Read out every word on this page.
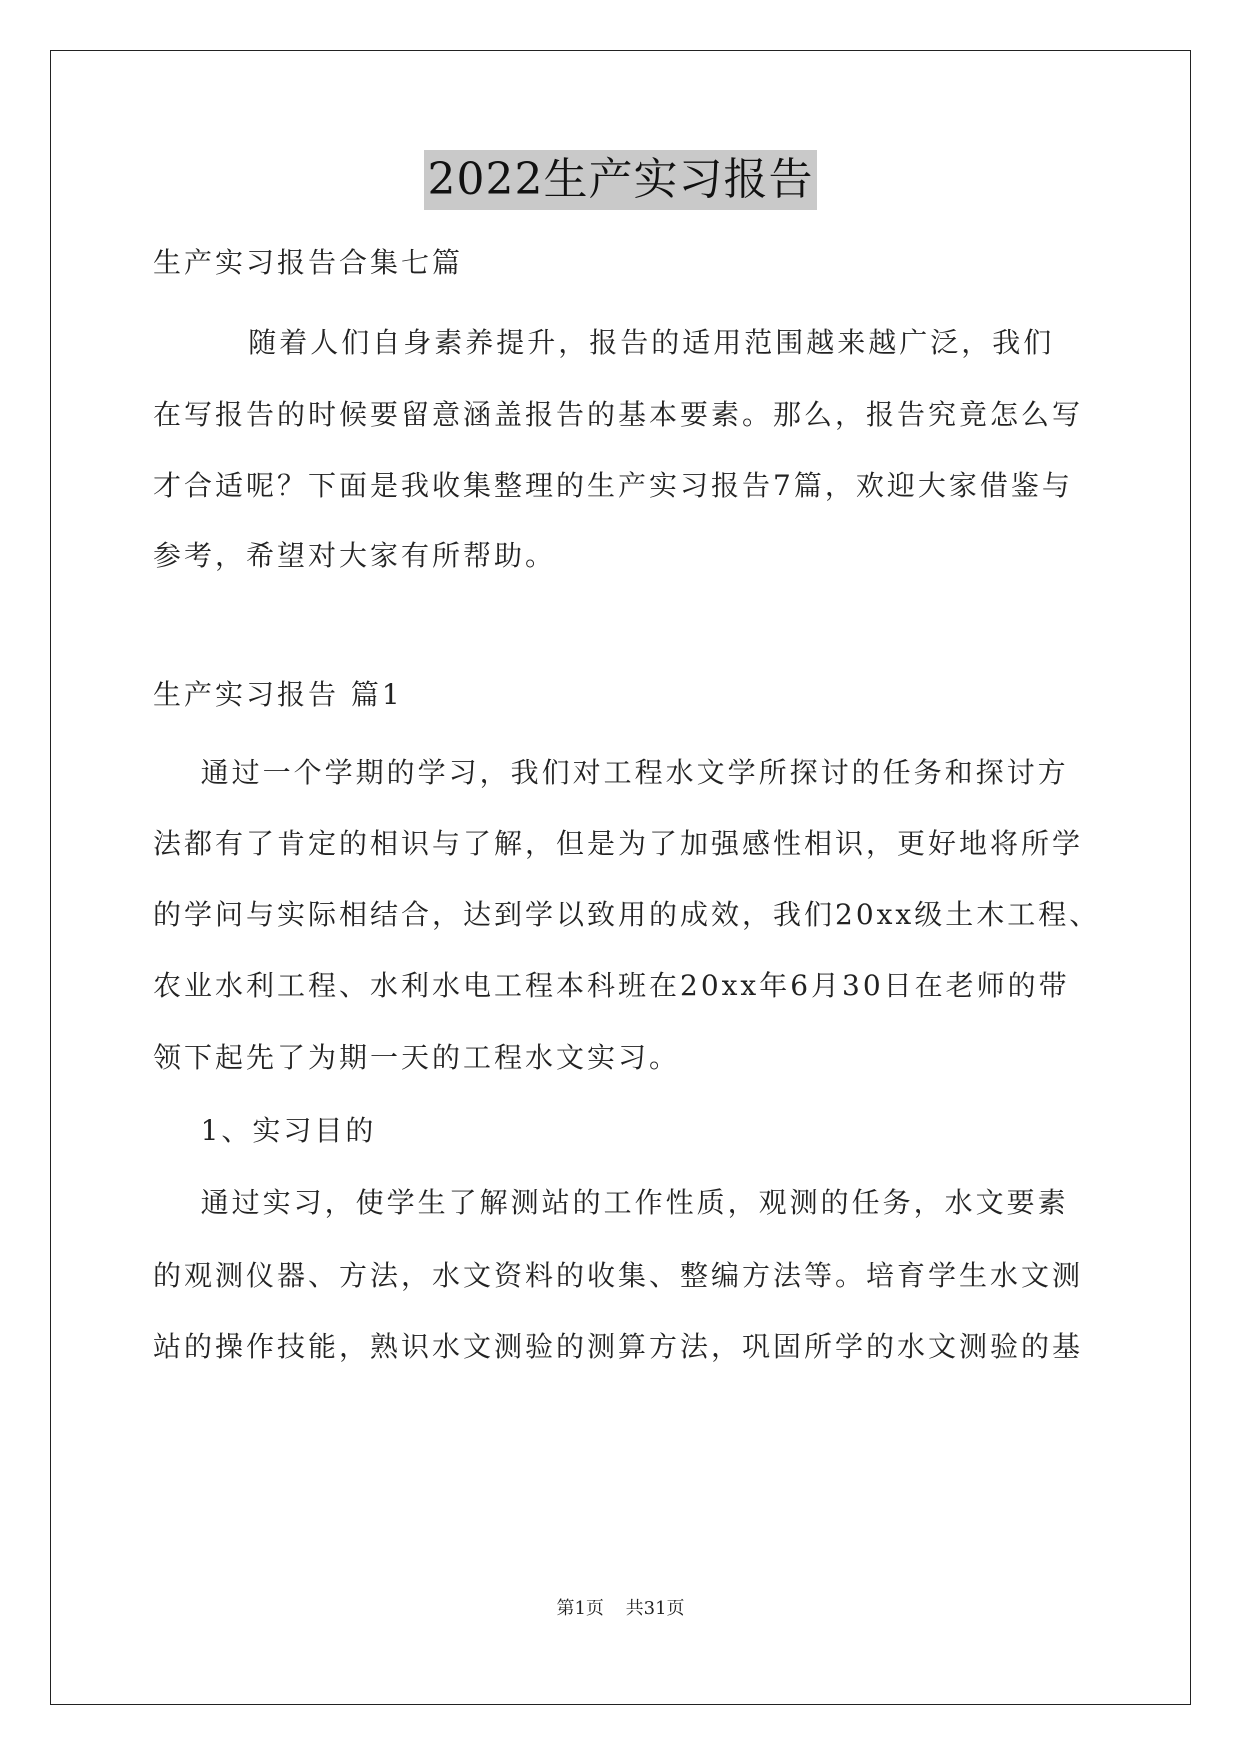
2022生产实习报告
生产实习报告合集七篇
随着人们自身素养提升，报告的适用范围越来越广泛，我们
在写报告的时候要留意涵盖报告的基本要素。那么，报告究竟怎么写
才合适呢？下面是我收集整理的生产实习报告7篇，欢迎大家借鉴与
参考，希望对大家有所帮助。
生产实习报告 篇1
通过一个学期的学习，我们对工程水文学所探讨的任务和探讨方
法都有了肯定的相识与了解，但是为了加强感性相识，更好地将所学
的学问与实际相结合，达到学以致用的成效，我们20xx级土木工程、
农业水利工程、水利水电工程本科班在20xx年6月30日在老师的带
领下起先了为期一天的工程水文实习。
1、实习目的
通过实习，使学生了解测站的工作性质，观测的任务，水文要素
的观测仪器、方法，水文资料的收集、整编方法等。培育学生水文测
站的操作技能，熟识水文测验的测算方法，巩固所学的水文测验的基
第1页 共31页
